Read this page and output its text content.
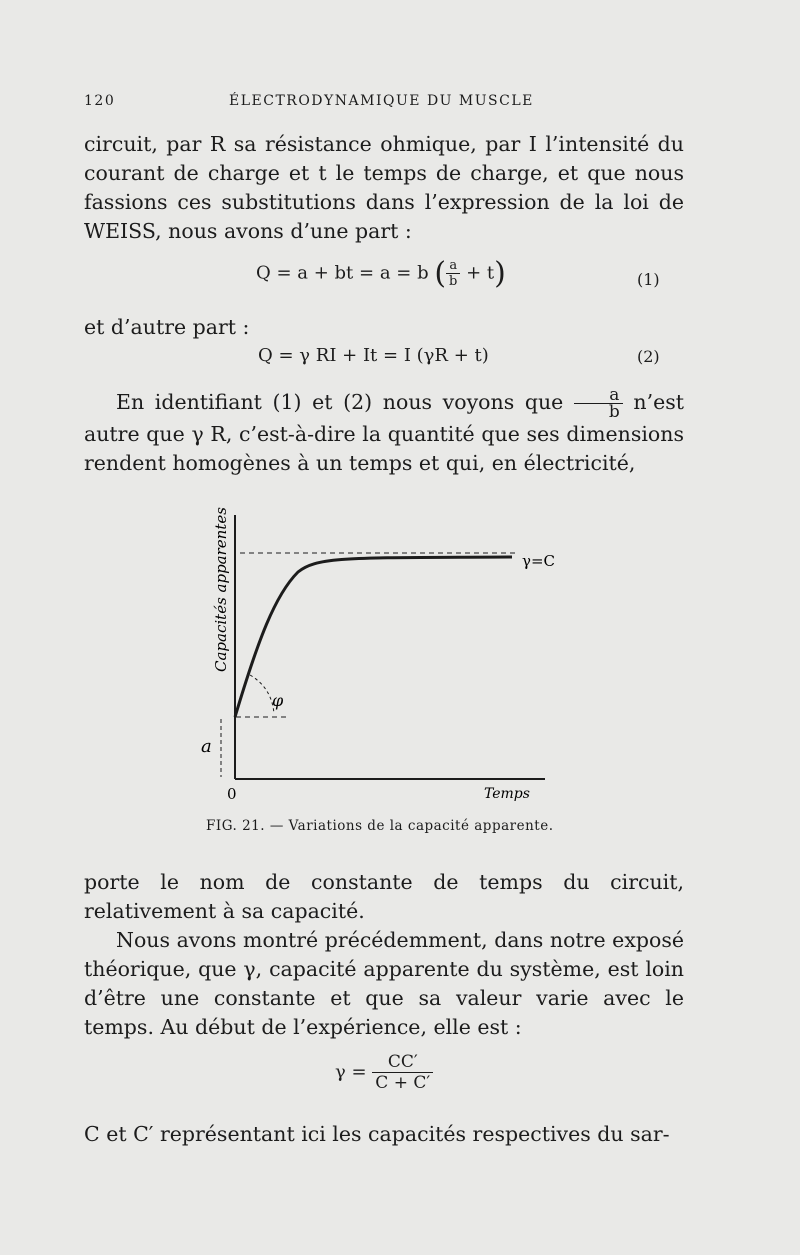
120	ÉLECTRODYNAMIQUE DU MUSCLE

circuit, par R sa résistance ohmique, par I l’intensité du courant de charge et t le temps de charge, et que nous fassions ces substitutions dans l’expression de la loi de WEISS, nous avons d’une part :

Q = a + bt = a = b ( $\frac{a}{b} + t$)	(1)
et d’autre part :
Q = γ RI + It = I (γR + t)	(2)

En identifiant (1) et (2) nous voyons que $\frac{a}{b}$ n’est autre que γ R, c’est-à-dire la quantité que ses dimensions rendent homogènes à un temps et qui, en électricité,

Capacités apparentes
Temps
0
γ=C
φ
a
FIG. 21. — Variations de la capacité apparente.

porte le nom de constante de temps du circuit, relativement à sa capacité.

Nous avons montré précédemment, dans notre exposé théorique, que γ, capacité apparente du système, est loin d’être une constante et que sa valeur varie avec le temps. Au début de l’expérience, elle est :

$\gamma = \frac{CC'}{C + C'}$

C et C′ représentant ici les capacités respectives du sar-
